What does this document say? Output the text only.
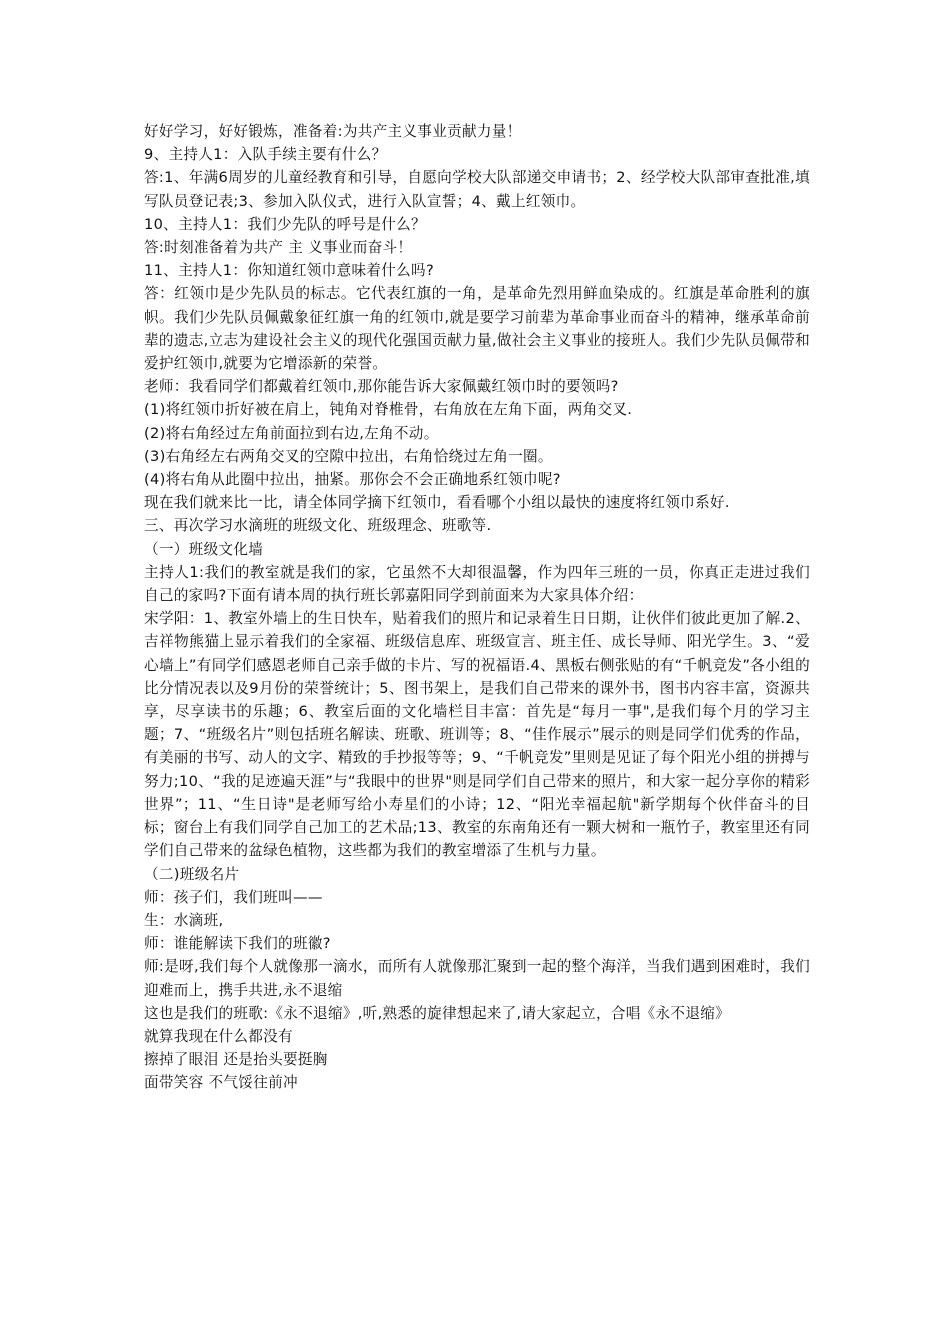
好好学习，好好锻炼，准备着:为共产主义事业贡献力量！

9、主持人1：入队手续主要有什么？

答:1、年满6周岁的儿童经教育和引导，自愿向学校大队部递交申请书；2、经学校大队部审查批准,填写队员登记表;3、参加入队仪式，进行入队宣誓；4、戴上红领巾。

10、主持人1：我们少先队的呼号是什么？

答:时刻准备着为共产 主 义事业而奋斗！

11、主持人1：你知道红领巾意味着什么吗?

答：红领巾是少先队员的标志。它代表红旗的一角，是革命先烈用鲜血染成的。红旗是革命胜利的旗帜。我们少先队员佩戴象征红旗一角的红领巾,就是要学习前辈为革命事业而奋斗的精神，继承革命前辈的遗志,立志为建设社会主义的现代化强国贡献力量,做社会主义事业的接班人。我们少先队员佩带和爱护红领巾,就要为它增添新的荣誉。

老师：我看同学们都戴着红领巾,那你能告诉大家佩戴红领巾时的要领吗?

(1)将红领巾折好被在肩上，钝角对脊椎骨，右角放在左角下面，两角交叉.

(2)将右角经过左角前面拉到右边,左角不动。

(3)右角经左右两角交叉的空隙中拉出，右角恰绕过左角一圈。

(4)将右角从此圈中拉出，抽紧。那你会不会正确地系红领巾呢?

现在我们就来比一比，请全体同学摘下红领巾，看看哪个小组以最快的速度将红领巾系好.

三、再次学习水滴班的班级文化、班级理念、班歌等.

（一）班级文化墙

主持人1:我们的教室就是我们的家，它虽然不大却很温馨，作为四年三班的一员，你真正走进过我们自己的家吗?下面有请本周的执行班长郭嘉阳同学到前面来为大家具体介绍：

宋学阳：1、教室外墙上的生日快车，贴着我们的照片和记录着生日日期，让伙伴们彼此更加了解.2、吉祥物熊猫上显示着我们的全家福、班级信息库、班级宣言、班主任、成长导师、阳光学生。3、“爱心墙上”有同学们感恩老师自己亲手做的卡片、写的祝福语.4、黑板右侧张贴的有“千帆竞发”各小组的比分情况表以及9月份的荣誉统计；5、图书架上，是我们自己带来的课外书，图书内容丰富，资源共享，尽享读书的乐趣；6、教室后面的文化墙栏目丰富：首先是“每月一事",是我们每个月的学习主题；7、“班级名片”则包括班名解读、班歌、班训等；8、“佳作展示”展示的则是同学们优秀的作品，有美丽的书写、动人的文字、精致的手抄报等等；9、“千帆竞发”里则是见证了每个阳光小组的拼搏与努力;10、“我的足迹遍天涯”与“我眼中的世界"则是同学们自己带来的照片，和大家一起分享你的精彩世界”；11、“生日诗"是老师写给小寿星们的小诗；12、“阳光幸福起航"新学期每个伙伴奋斗的目标；窗台上有我们同学自己加工的艺术品;13、教室的东南角还有一颗大树和一瓶竹子，教室里还有同学们自己带来的盆绿色植物，这些都为我们的教室增添了生机与力量。

（二)班级名片

师：孩子们，我们班叫——

生：水滴班,

师：谁能解读下我们的班徽?

师:是呀,我们每个人就像那一滴水，而所有人就像那汇聚到一起的整个海洋，当我们遇到困难时，我们迎难而上，携手共进,永不退缩

这也是我们的班歌:《永不退缩》,听,熟悉的旋律想起来了,请大家起立，合唱《永不退缩》

就算我现在什么都没有

擦掉了眼泪 还是抬头要挺胸

面带笑容 不气馁往前冲
